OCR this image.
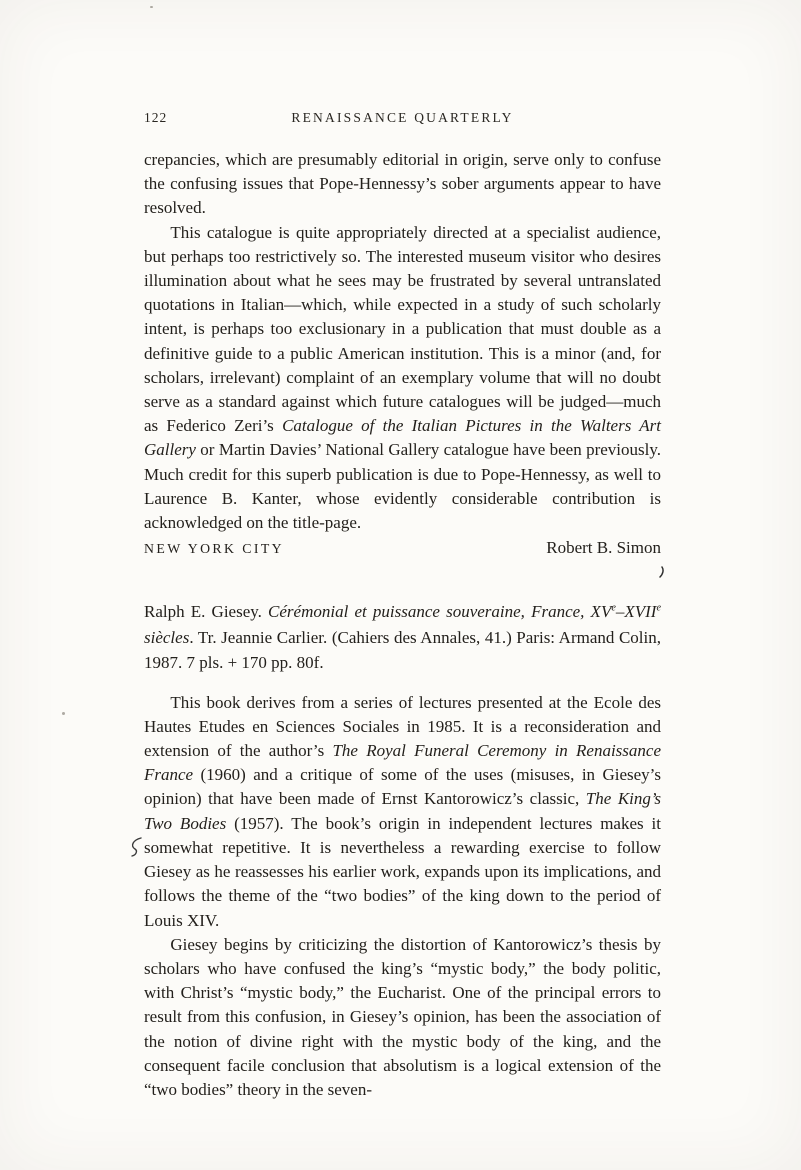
122	RENAISSANCE QUARTERLY

crepancies, which are presumably editorial in origin, serve only to confuse the confusing issues that Pope-Hennessy’s sober arguments appear to have resolved.

This catalogue is quite appropriately directed at a specialist audience, but perhaps too restrictively so. The interested museum visitor who desires illumination about what he sees may be frustrated by several untranslated quotations in Italian—which, while expected in a study of such scholarly intent, is perhaps too exclusionary in a publication that must double as a definitive guide to a public American institution. This is a minor (and, for scholars, irrelevant) complaint of an exemplary volume that will no doubt serve as a standard against which future catalogues will be judged—much as Federico Zeri’s Catalogue of the Italian Pictures in the Walters Art Gallery or Martin Davies’ National Gallery catalogue have been previously. Much credit for this superb publication is due to Pope-Hennessy, as well to Laurence B. Kanter, whose evidently considerable contribution is acknowledged on the title-page.

NEW YORK CITY	Robert B. Simon

Ralph E. Giesey. Cérémonial et puissance souveraine, France, XVe–XVIIe siècles. Tr. Jeannie Carlier. (Cahiers des Annales, 41.) Paris: Armand Colin, 1987. 7 pls. + 170 pp. 80f.

This book derives from a series of lectures presented at the Ecole des Hautes Etudes en Sciences Sociales in 1985. It is a reconsideration and extension of the author’s The Royal Funeral Ceremony in Renaissance France (1960) and a critique of some of the uses (misuses, in Giesey’s opinion) that have been made of Ernst Kantorowicz’s classic, The King’s Two Bodies (1957). The book’s origin in independent lectures makes it somewhat repetitive. It is nevertheless a rewarding exercise to follow Giesey as he reassesses his earlier work, expands upon its implications, and follows the theme of the “two bodies” of the king down to the period of Louis XIV.

Giesey begins by criticizing the distortion of Kantorowicz’s thesis by scholars who have confused the king’s “mystic body,” the body politic, with Christ’s “mystic body,” the Eucharist. One of the principal errors to result from this confusion, in Giesey’s opinion, has been the association of the notion of divine right with the mystic body of the king, and the consequent facile conclusion that absolutism is a logical extension of the “two bodies” theory in the seven-
